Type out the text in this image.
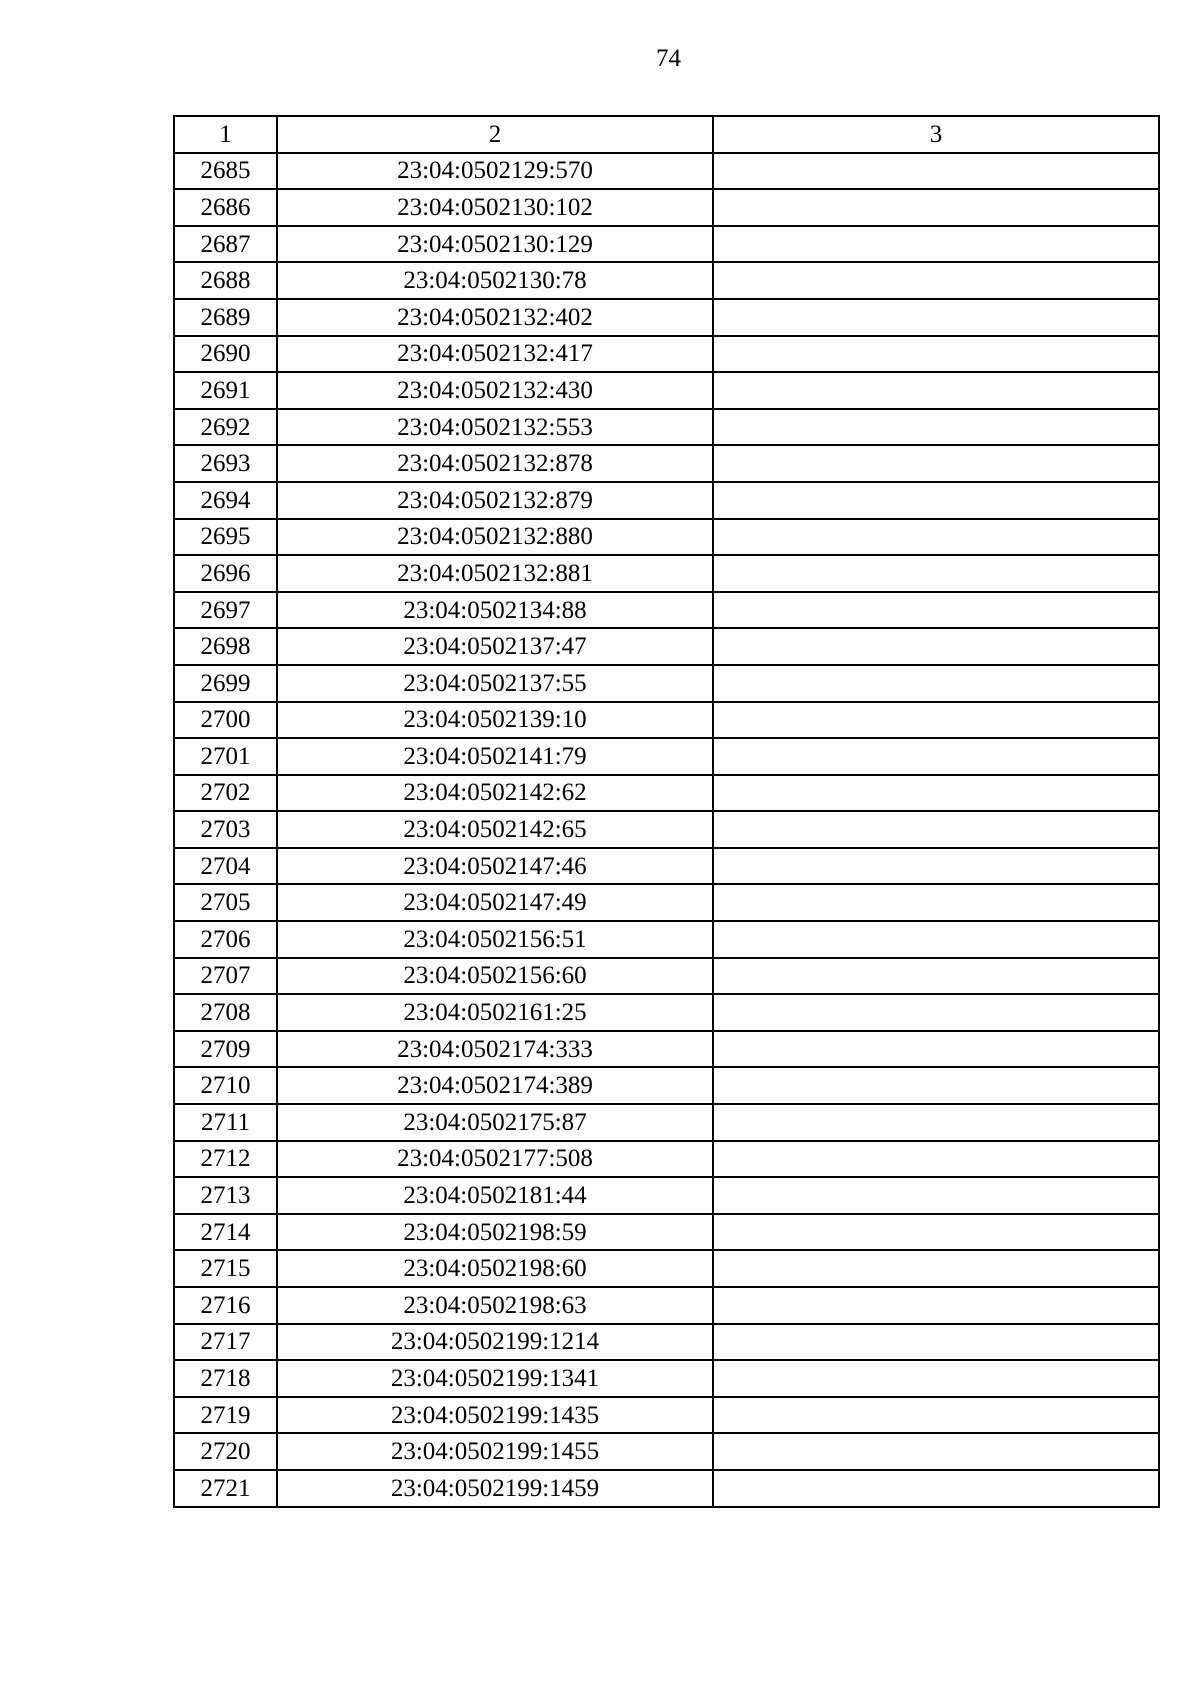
74
1	2	3
2685	23:04:0502129:570	
2686	23:04:0502130:102	
2687	23:04:0502130:129	
2688	23:04:0502130:78	
2689	23:04:0502132:402	
2690	23:04:0502132:417	
2691	23:04:0502132:430	
2692	23:04:0502132:553	
2693	23:04:0502132:878	
2694	23:04:0502132:879	
2695	23:04:0502132:880	
2696	23:04:0502132:881	
2697	23:04:0502134:88	
2698	23:04:0502137:47	
2699	23:04:0502137:55	
2700	23:04:0502139:10	
2701	23:04:0502141:79	
2702	23:04:0502142:62	
2703	23:04:0502142:65	
2704	23:04:0502147:46	
2705	23:04:0502147:49	
2706	23:04:0502156:51	
2707	23:04:0502156:60	
2708	23:04:0502161:25	
2709	23:04:0502174:333	
2710	23:04:0502174:389	
2711	23:04:0502175:87	
2712	23:04:0502177:508	
2713	23:04:0502181:44	
2714	23:04:0502198:59	
2715	23:04:0502198:60	
2716	23:04:0502198:63	
2717	23:04:0502199:1214	
2718	23:04:0502199:1341	
2719	23:04:0502199:1435	
2720	23:04:0502199:1455	
2721	23:04:0502199:1459	
